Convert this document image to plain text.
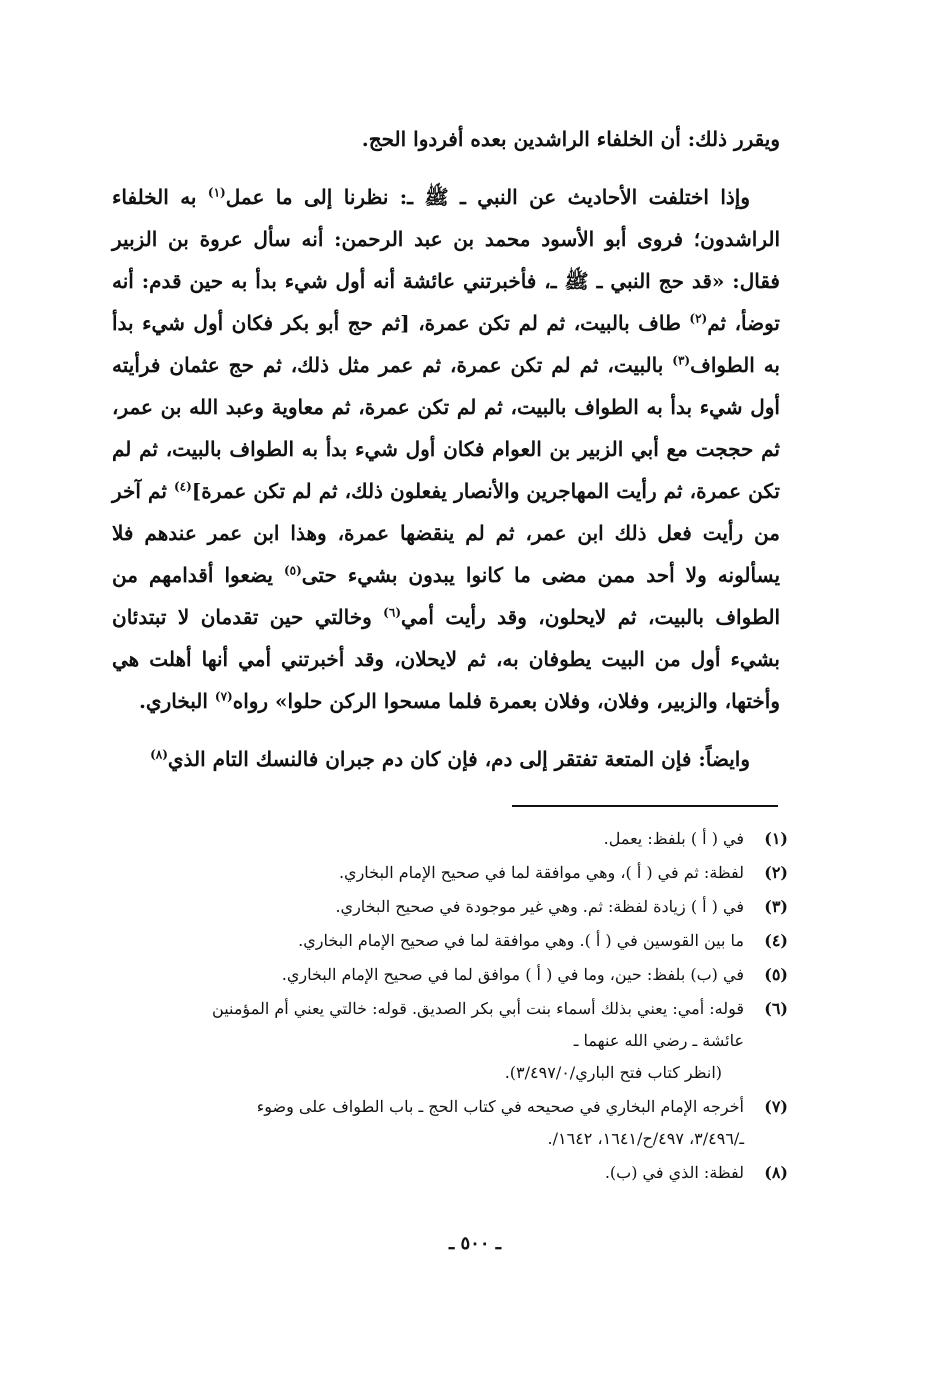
ويقرر ذلك: أن الخلفاء الراشدين بعده أفردوا الحج.

وإذا اختلفت الأحاديث عن النبي ـ ﷺ ـ: نظرنا إلى ما عمل$^{(١)}$ به الخلفاء الراشدون؛ فروى أبو الأسود محمد بن عبد الرحمن: أنه سأل عروة بن الزبير فقال: «قد حج النبي ـ ﷺ ـ، فأخبرتني عائشة أنه أول شيء بدأ به حين قدم: أنه توضأ، ثم$^{(٢)}$ طاف بالبيت، ثم لم تكن عمرة، [ثم حج أبو بكر فكان أول شيء بدأ به الطواف$^{(٣)}$ بالبيت، ثم لم تكن عمرة، ثم عمر مثل ذلك، ثم حج عثمان فرأيته أول شيء بدأ به الطواف بالبيت، ثم لم تكن عمرة، ثم معاوية وعبد الله بن عمر، ثم حججت مع أبي الزبير بن العوام فكان أول شيء بدأ به الطواف بالبيت، ثم لم تكن عمرة، ثم رأيت المهاجرين والأنصار يفعلون ذلك، ثم لم تكن عمرة]$^{(٤)}$ ثم آخر من رأيت فعل ذلك ابن عمر، ثم لم ينقضها عمرة، وهذا ابن عمر عندهم فلا يسألونه ولا أحد ممن مضى ما كانوا يبدون بشيء حتى$^{(٥)}$ يضعوا أقدامهم من الطواف بالبيت، ثم لايحلون، وقد رأيت أمي$^{(٦)}$ وخالتي حين تقدمان لا تبتدئان بشيء أول من البيت يطوفان به، ثم لايحلان، وقد أخبرتني أمي أنها أهلت هي وأختها، والزبير، وفلان، وفلان بعمرة فلما مسحوا الركن حلوا» رواه$^{(٧)}$ البخاري.

وايضاً: فإن المتعة تفتقر إلى دم، فإن كان دم جبران فالنسك التام الذي$^{(٨)}$

(١)
في ( أ ) بلفظ: يعمل.
(٢)
لفظة: ثم في ( أ )، وهي موافقة لما في صحيح الإمام البخاري.
(٣)
في ( أ ) زيادة لفظة: ثم. وهي غير موجودة في صحيح البخاري.
(٤)
ما بين القوسين في ( أ ). وهي موافقة لما في صحيح الإمام البخاري.
(٥)
في (ب) بلفظ: حين، وما في ( أ ) موافق لما في صحيح الإمام البخاري.
(٦)
قوله: أمي: يعني بذلك أسماء بنت أبي بكر الصديق. قوله: خالتي يعني أم المؤمنين
عائشة ـ رضي الله عنهما ـ
(انظر كتاب فتح الباري/٣/٤٩٧/٠).
(٧)
أخرجه الإمام البخاري في صحيحه في كتاب الحج ـ باب الطواف على وضوء
ـ/٣/٤٩٦، ٤٩٧/ح/١٦٤١، ١٦٤٢/.
(٨)
لفظة: الذي في (ب).
ـ ٥٠٠ ـ
